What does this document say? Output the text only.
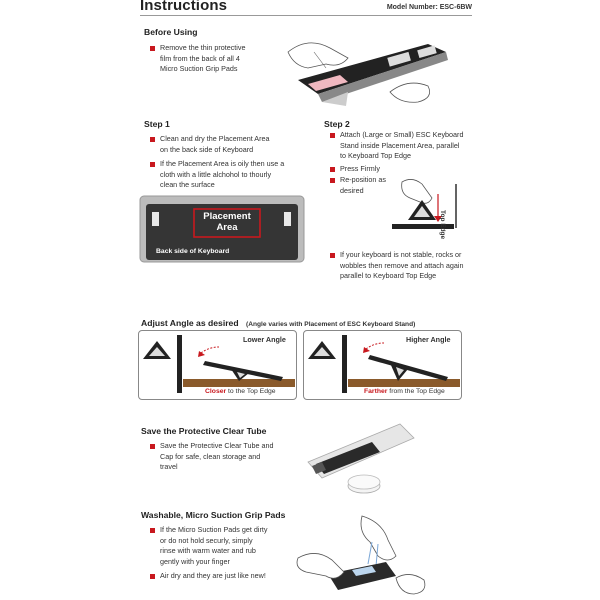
Instructions	Model Number: ESC-6BW
Before Using
Remove the thin protective
film from the back of all 4
Micro Suction Grip Pads
Step 1
Clean and dry the Placement Area
on the back side of Keyboard
If the Placement Area is oily then use a
cloth with a little alchohol to thourly
clean the surface
Placement
Area
Back side of Keyboard
Step 2
Attach (Large or Small) ESC Keyboard
Stand inside Placement Area, parallel
to Keyboard Top Edge
Press Firmly
Re-position as
desired
Top Edge
If your keyboard is not stable, rocks or
wobbles then remove and attach again
parallel to Keyboard Top Edge
Adjust Angle as desired (Angle varies with Placement of ESC Keyboard Stand)
Lower Angle
Closer to the Top Edge
Higher Angle
Farther from the Top Edge
Save the Protective Clear Tube
Save the Protective Clear Tube and
Cap for safe, clean storage and
travel
Washable, Micro Suction Grip Pads
If the Micro Suction Pads get dirty
or do not hold securly, simply
rinse with warm water and rub
gently with your finger
Air dry and they are just like new!
